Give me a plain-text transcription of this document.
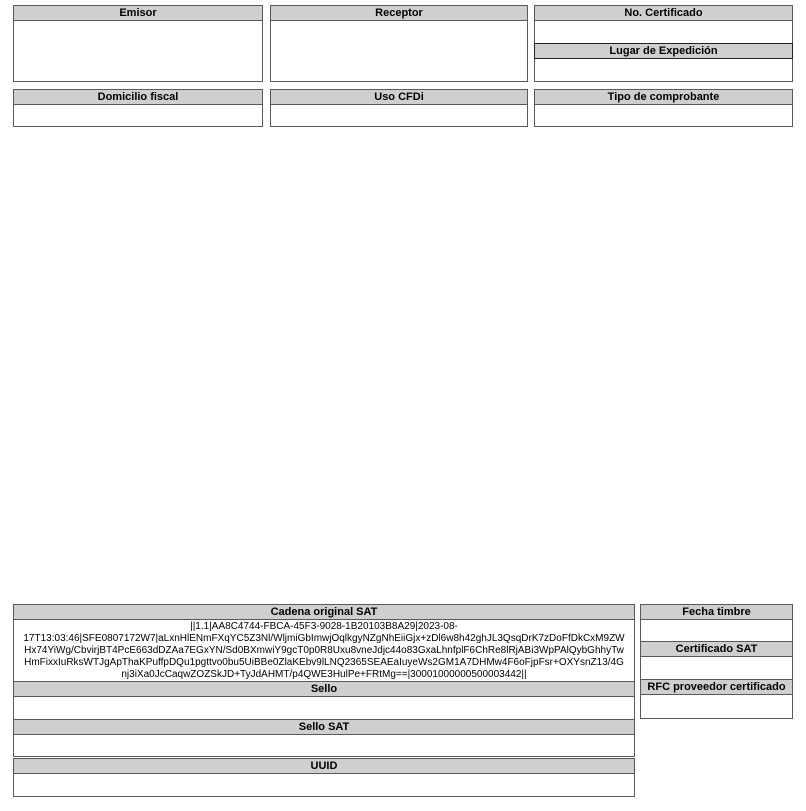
Emisor	Receptor	No. Certificado
Lugar de Expedición
Domicilio fiscal	Uso CFDi	Tipo de comprobante
Cadena original SAT
||1.1|AA8C4744-FBCA-45F3-9028-1B20103B8A29|2023-08-
17T13:03:46|SFE0807172W7|aLxnHlENmFXqYC5Z3Nl/WljmiGbImwjOqlkgyNZgNhEiiGjx+zDl6w8h42ghJL3QsqDrK7zDoFfDkCxM9ZW
Hx74YiWg/CbvirjBT4PcE663dDZAa7EGxYN/Sd0BXmwiY9gcT0p0R8Uxu8vneJdjc44o83GxaLhnfplF6ChRe8lRjABi3WpPAlQybGhhyTw
HmFixxIuRksWTJgApThaKPuffpDQu1pgttvo0bu5UiBBe0ZlaKEbv9lLNQ2365SEAEaIuyeWs2GM1A7DHMw4F6oFjpFsr+OXYsnZ13/4G
nj3iXa0JcCaqwZOZSkJD+TyJdAHMT/p4QWE3HulPe+FRtMg==|30001000000500003442||
Sello
Sello SAT
UUID
Fecha timbre
Certificado SAT
RFC proveedor certificado
